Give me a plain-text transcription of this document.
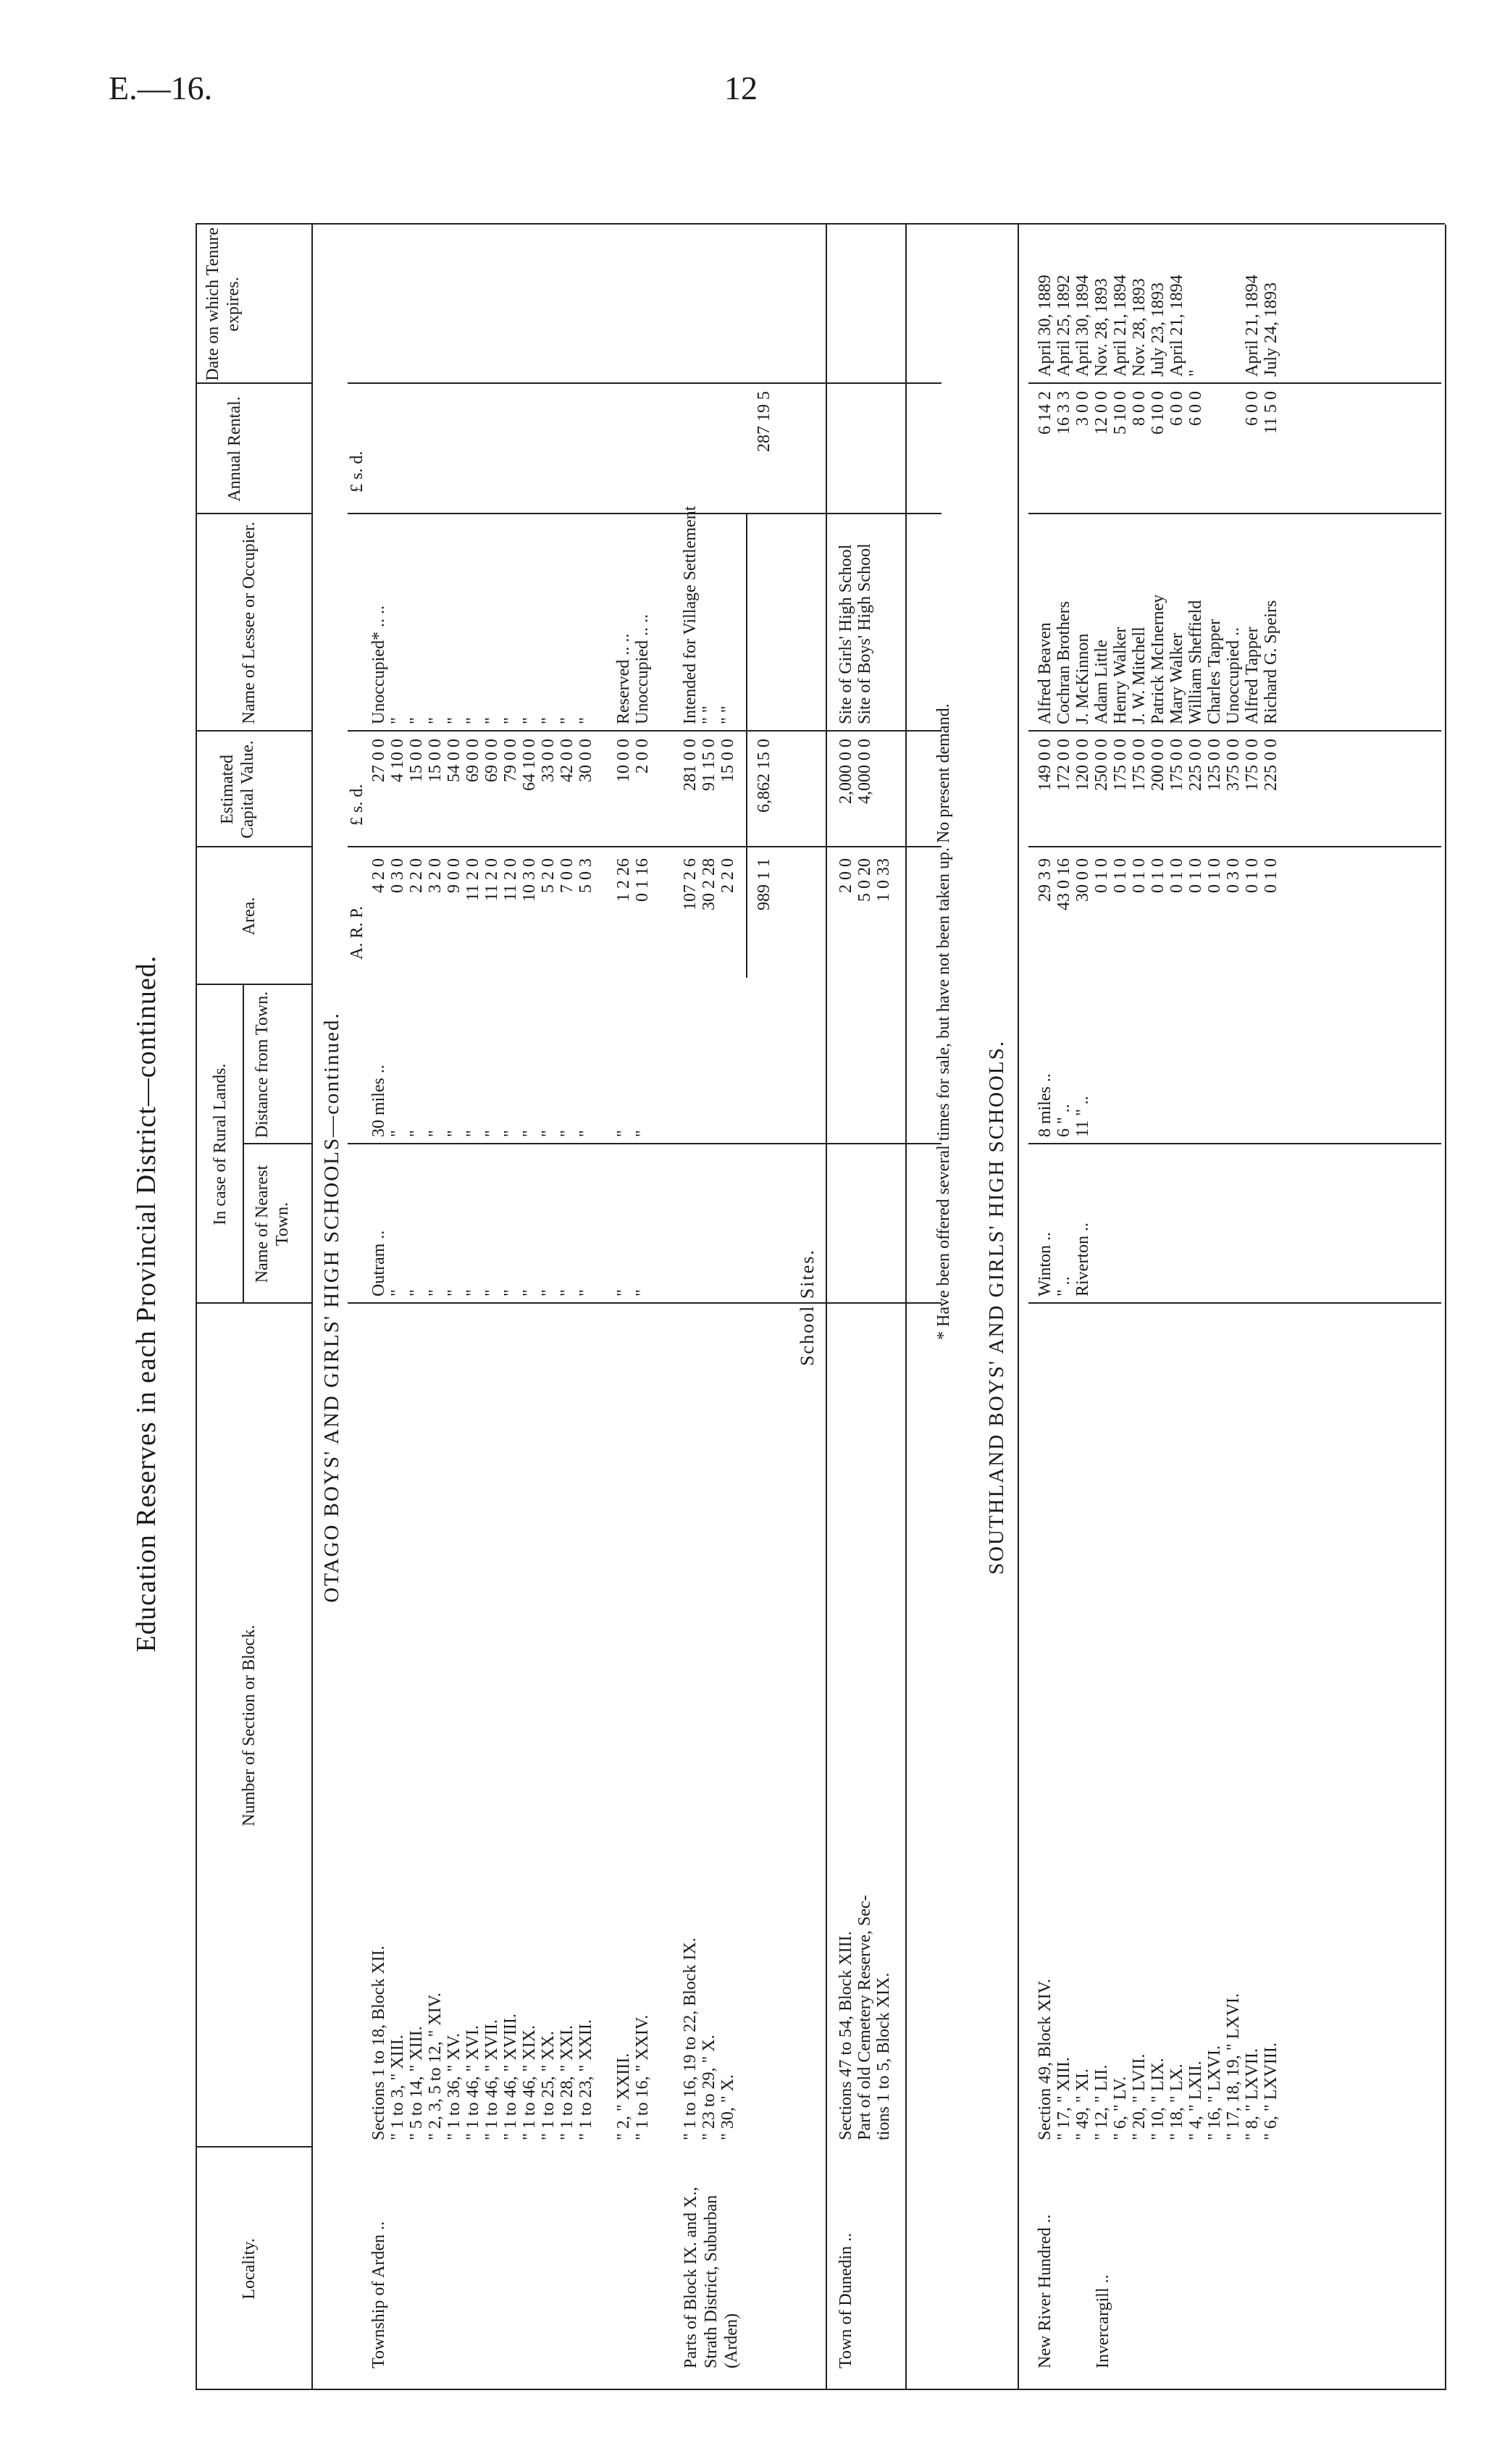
E.—16.	12
Education Reserves in each Provincial District—continued.
Locality.
Number of Section or Block.
In case of Rural Lands. Name of Nearest Town.
Distance from Town.
Area.
Estimated Capital Value.
Name of Lessee or Occupier.
Annual Rental.
Date on which Tenure expires.
OTAGO BOYS' AND GIRLS' HIGH SCHOOLS—continued.
A. R. P.
£ s. d.
£ s. d.
Township of Arden ..
Sections 1 to 18, Block XII. " 1 to 3, " XIII. " 5 to 14, " XIII. " 2, 3, 5 to 12, " XIV. " 1 to 36, " XV. " 1 to 46, " XVI. " 1 to 46, " XVII. " 1 to 46, " XVIII. " 1 to 46, " XIX. " 1 to 25, " XX. " 1 to 28, " XXI. " 1 to 23, " XXII. " 2, " XXIII. " 1 to 16, " XXIV.
Outram .. " " " " " " " " " " " " "
30 miles .. " " " " " " " " " " " " "
4 2 0 0 3 0 2 2 0 3 2 0 9 0 0 11 2 0 11 2 0 11 2 0 10 3 0 5 2 0 7 0 0 5 0 3 1 2 26 0 1 16
27 0 0 4 10 0 15 0 0 15 0 0 54 0 0 69 0 0 69 0 0 79 0 0 64 10 0 33 0 0 42 0 0 30 0 0 10 0 0 2 0 0
Unoccupied* .. .. " " " " " " " " " " " Reserved .. .. Unoccupied .. ..
Parts of Block IX. and X., Strath District, Suburban (Arden)
" 1 to 16, 19 to 22, Block IX. " 23 to 29, " X. " 30, " X.
107 2 6 30 2 28 2 2 0
281 0 0 91 15 0 15 0 0
Intended for Village Settlement " " " "
989 1 1
6,862 15 0
287 19 5
School Sites.
Town of Dunedin ..
Sections 47 to 54, Block XIII. Part of old Cemetery Reserve, Sec- tions 1 to 5, Block XIX.
2 0 0 5 0 20 1 0 33
2,000 0 0 4,000 0 0
Site of Girls' High School Site of Boys' High School
* Have been offered several times for sale, but have not been taken up. No present demand. SOUTHLAND BOYS' AND GIRLS' HIGH SCHOOLS.
New River Hundred .. Invercargill ..
Section 49, Block XIV. " 17, " XIII. " 49, " XI. " 12, " LII. " 6, " LV. " 20, " LVII. " 10, " LIX. " 18, " LX. " 4, " LXII. " 16, " LXVI. " 17, 18, 19, " LXVI. " 8, " LXVII. " 6, " LXVIII.
Winton .. " .. Riverton ..
8 miles .. 6 " .. 11 " ..
29 3 9 43 0 16 30 0 0 0 1 0 0 1 0 0 1 0 0 1 0 0 1 0 0 1 0 0 1 0 0 3 0 0 1 0 0 1 0
149 0 0 172 0 0 120 0 0 250 0 0 175 0 0 175 0 0 200 0 0 175 0 0 225 0 0 125 0 0 375 0 0 175 0 0 225 0 0
Alfred Beaven Cochran Brothers J. McKinnon Adam Little Henry Walker J. W. Mitchell Patrick McInerney Mary Walker William Sheffield Charles Tapper Unoccupied .. Alfred Tapper Richard G. Speirs
6 14 2 16 3 3 3 0 0 12 0 0 5 10 0 8 0 0 6 10 0 6 0 0 6 0 0 6 0 0 11 5 0
April 30, 1889 April 25, 1892 April 30, 1894 Nov. 28, 1893 April 21, 1894 Nov. 28, 1893 July 23, 1893 April 21, 1894 " April 21, 1894 July 24, 1893
